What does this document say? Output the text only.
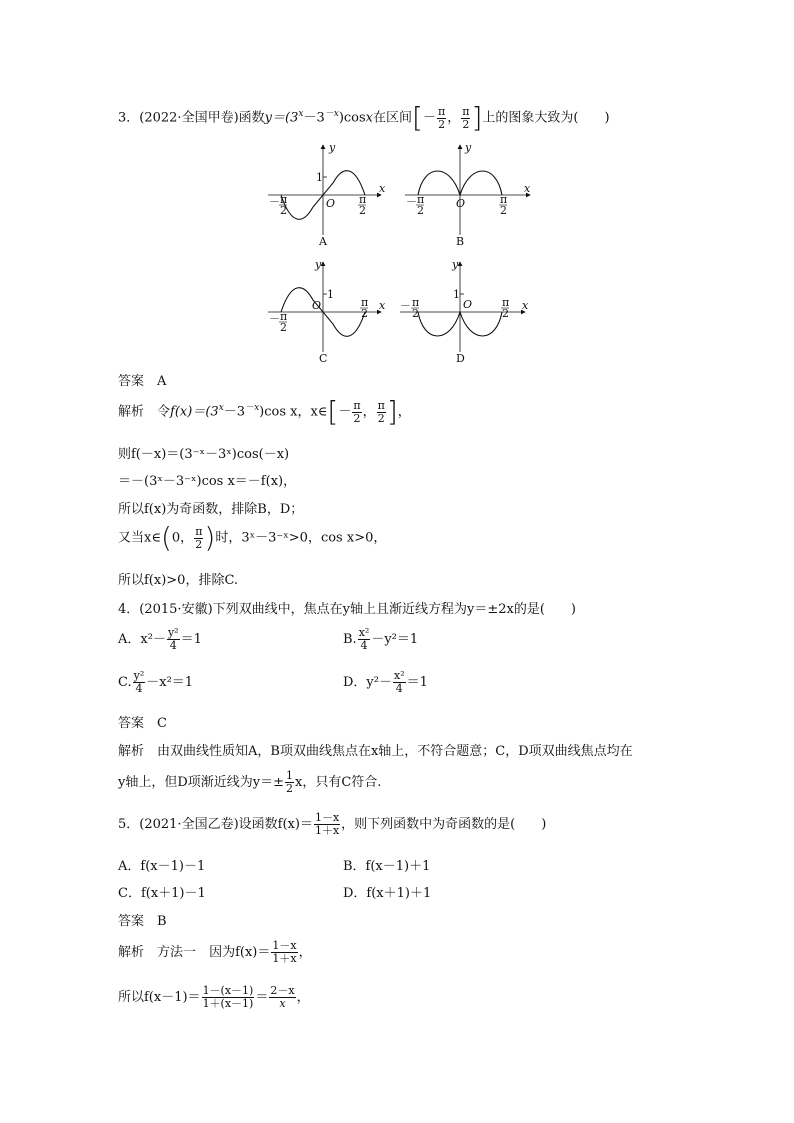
3．(2022·全国甲卷)函数$y=(3^x-3^{-x})\cos x$在区间[－ $\frac{\pi}{2}$ ， $\frac{\pi}{2}$ ]上的图象大致为(　　)
1
y
x
O
－ π
2
π
2
A
y
x
O
－ π
2
π
2
B
1
y
x
O
－ π
2
π
2
C
1
y
x
O
－ π
2
π
2
D
答案　 A
解析　 令$f(x)=(3^x-3^{-x})\cos$ x，x∈[－ $\frac{\pi}{2}$ ， $\frac{\pi}{2}$ ]，
则f(－x)＝(3⁻ˣ－3ˣ)cos(－x)
＝－(3ˣ－3⁻ˣ)cos x＝－f(x)，
所以f(x)为奇函数，排除B，D；
又当x∈(0， $\frac{\pi}{2}$ )时，3ˣ－3⁻ˣ>0，cos x>0，
所以f(x)>0，排除C.
4．(2015·安徽)下列双曲线中，焦点在y轴上且渐近线方程为y＝±2x的是(　　)
A．$x^2- \frac{\text{y²}}{4} =1$	B. $\frac{\text{x²}}{4} -y^2=1$
C. $\frac{\text{y²}}{4} -x^2=1$	D．$y^2- \frac{\text{x²}}{4} =1$
答案　 C
解析　 由双曲线性质知A，B项双曲线焦点在x轴上，不符合题意；C，D项双曲线焦点均在
y轴上，但D项渐近线为$y=\pm \frac{1}{2}$ x，只有C符合.
5．(2021·全国乙卷)设函数$f(x)= \frac{1-x}{1+x}$ ，则下列函数中为奇函数的是(　　)
A．f(x－1)－1	B．f(x－1)＋1
C．f(x＋1)－1	D．f(x＋1)＋1
答案　 B
解析　 方法一　 因为$f(x)= \frac{1-x}{1+x}$ ，
所以$f(x-1)= \frac{1-(x-1)}{1+(x-1)} = \frac{2-x}{x}$ ，
